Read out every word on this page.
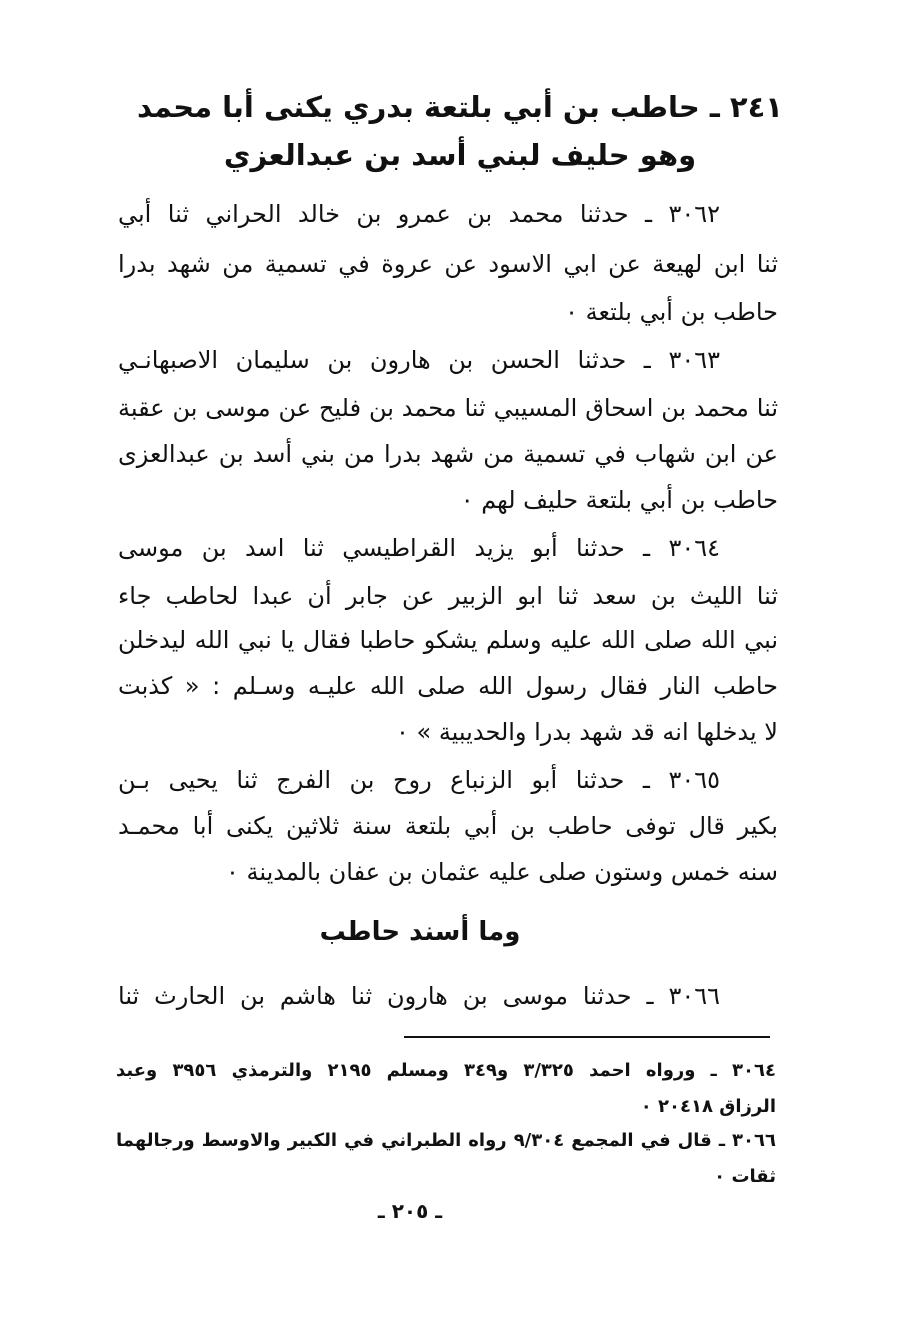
٢٤١ ـ حاطب بن أبي بلتعة بدري يكنى أبا محمد
وهو حليف لبني أسد بن عبدالعزي
٣٠٦٢ ـ حدثنا محمد بن عمرو بن خالد الحراني ثنا أبي
ثنا ابن لهيعة عن ابي الاسود عن عروة في تسمية من شهد بدرا
حاطب بن أبي بلتعة ٠
٣٠٦٣ ـ حدثنا الحسن بن هارون بن سليمان الاصبهانـي
ثنا محمد بن اسحاق المسيبي ثنا محمد بن فليح عن موسى بن عقبة
عن ابن شهاب في تسمية من شهد بدرا من بني أسد بن عبدالعزى
حاطب بن أبي بلتعة حليف لهم ٠
٣٠٦٤ ـ حدثنا أبو يزيد القراطيسي ثنا اسد بن موسى
ثنا الليث بن سعد ثنا ابو الزبير عن جابر أن عبدا لحاطب جاء
نبي الله صلى الله عليه وسلم يشكو حاطبا فقال يا نبي الله ليدخلن
حاطب النار فقال رسول الله صلى الله عليـه وسـلم : « كذبت
لا يدخلها انه قد شهد بدرا والحديبية » ٠
٣٠٦٥ ـ حدثنا أبو الزنباع روح بن الفرج ثنا يحيى بـن
بكير قال توفى حاطب بن أبي بلتعة سنة ثلاثين يكنى أبا محمـد
سنه خمس وستون صلى عليه عثمان بن عفان بالمدينة ٠
وما أسند حاطب
٣٠٦٦ ـ حدثنا موسى بن هارون ثنا هاشم بن الحارث ثنا
٣٠٦٤ ـ ورواه احمد ٣/٣٢٥ و٣٤٩ ومسلم ٢١٩٥ والترمذي ٣٩٥٦ وعبد
الرزاق ٢٠٤١٨ ٠
٣٠٦٦ ـ قال في المجمع ٩/٣٠٤ رواه الطبراني في الكبير والاوسط ورجالهما
ثقات ٠
ـ ٢٠٥ ـ
